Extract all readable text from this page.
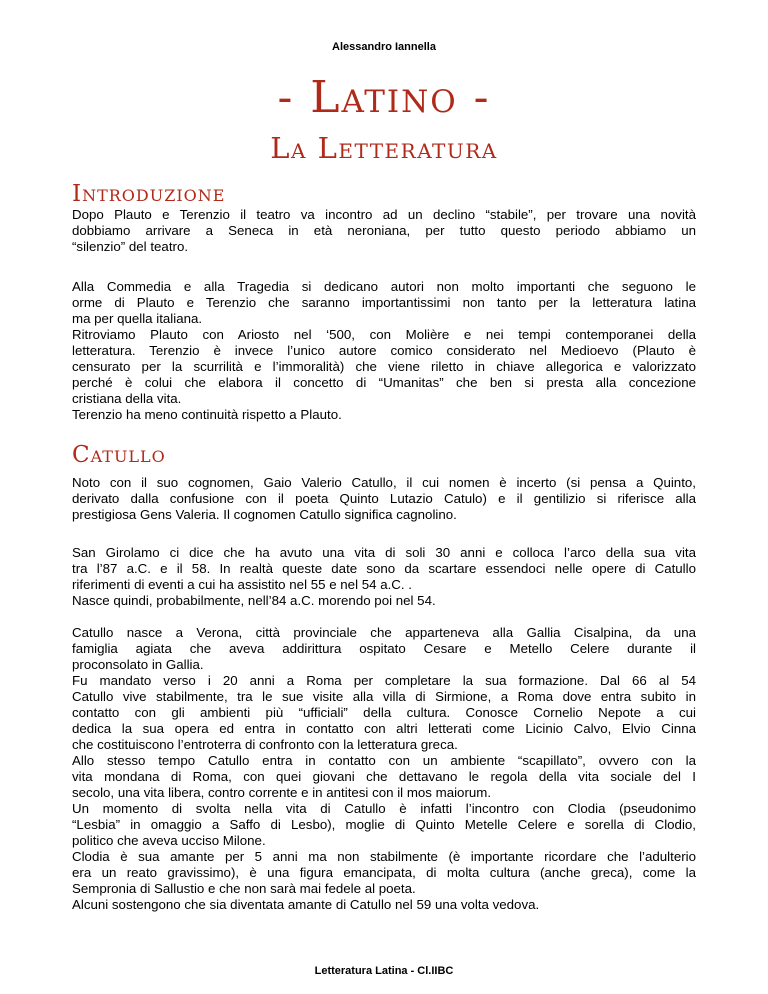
Alessandro Iannella
- Latino -
La Letteratura
Introduzione

Dopo Plauto e Terenzio il teatro va incontro ad un declino “stabile”, per trovare una novità
dobbiamo arrivare a Seneca in età neroniana, per tutto questo periodo abbiamo un
“silenzio” del teatro.

Alla Commedia e alla Tragedia si dedicano autori non molto importanti che seguono le
orme di Plauto e Terenzio che saranno importantissimi non tanto per la letteratura latina
ma per quella italiana.
Ritroviamo Plauto con Ariosto nel ‘500, con Molière e nei tempi contemporanei della
letteratura. Terenzio è invece l’unico autore comico considerato nel Medioevo (Plauto è
censurato per la scurrilità e l’immoralità) che viene riletto in chiave allegorica e valorizzato
perché è colui che elabora il concetto di “Umanitas” che ben si presta alla concezione
cristiana della vita.
Terenzio ha meno continuità rispetto a Plauto.

Catullo

Noto con il suo cognomen, Gaio Valerio Catullo, il cui nomen è incerto (si pensa a Quinto,
derivato dalla confusione con il poeta Quinto Lutazio Catulo) e il gentilizio si riferisce alla
prestigiosa Gens Valeria. Il cognomen Catullo significa cagnolino.

San Girolamo ci dice che ha avuto una vita di soli 30 anni e colloca l’arco della sua vita
tra l’87 a.C. e il 58. In realtà queste date sono da scartare essendoci nelle opere di Catullo
riferimenti di eventi a cui ha assistito nel 55 e nel 54 a.C. .
Nasce quindi, probabilmente, nell’84 a.C. morendo poi nel 54.

Catullo nasce a Verona, città provinciale che apparteneva alla Gallia Cisalpina, da una
famiglia agiata che aveva addirittura ospitato Cesare e Metello Celere durante il
proconsolato in Gallia.
Fu mandato verso i 20 anni a Roma per completare la sua formazione. Dal 66 al 54
Catullo vive stabilmente, tra le sue visite alla villa di Sirmione, a Roma dove entra subito in
contatto con gli ambienti più “ufficiali” della cultura. Conosce Cornelio Nepote a cui
dedica la sua opera ed entra in contatto con altri letterati come Licinio Calvo, Elvio Cinna
che costituiscono l’entroterra di confronto con la letteratura greca.
Allo stesso tempo Catullo entra in contatto con un ambiente “scapillato”, ovvero con la
vita mondana di Roma, con quei giovani che dettavano le regola della vita sociale del I
secolo, una vita libera, contro corrente e in antitesi con il mos maiorum.
Un momento di svolta nella vita di Catullo è infatti l’incontro con Clodia (pseudonimo
“Lesbia” in omaggio a Saffo di Lesbo), moglie di Quinto Metelle Celere e sorella di Clodio,
politico che aveva ucciso Milone.
Clodia è sua amante per 5 anni ma non stabilmente (è importante ricordare che l’adulterio
era un reato gravissimo), è una figura emancipata, di molta cultura (anche greca), come la
Sempronia di Sallustio e che non sarà mai fedele al poeta.
Alcuni sostengono che sia diventata amante di Catullo nel 59 una volta vedova.

Letteratura Latina - Cl.IIBC
